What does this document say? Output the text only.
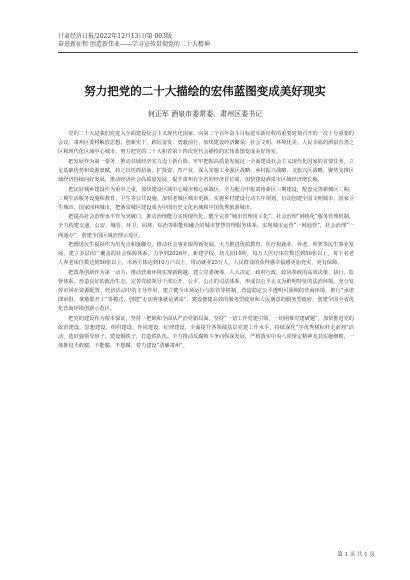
甘肃经济日报/2022年12月13日/第 003版
奋进新征程 创造新伟业——学习宣传贯彻党的二十大精神
努力把党的二十大描绘的宏伟蓝图变成美好现实
何正军 酒泉市委常委、肃州区委书记

党的二十大是我们党进入全面建设社会主义现代化国家、向第二个百年奋斗目标进军新征程的重要时刻召开的一次十分重要的会议。肃州区委将解放思想、创新实干，踔厉奋发、勇毅前行，加快建设经济繁荣、社会文明、环境优美、人民幸福的酒泉首善之区和现代化区域中心城市，努力把党的二十大和省第十四次党代会描绘的宏伟蓝图变成美好现实。

把发展作为第一要务，推动县域经济实力迈上新台阶。牢牢把握高质量发展这一全面建设社会主义现代化国家的首要任务，立足基础优势和资源禀赋，持之以恒抓招商、扩投资、育产业，深入实施工业强区战略、乡村振兴战略、文旅兴区战略，聚势支撑区域经济持续向好发展，推动经济社会高质量发展，提升肃州在全省的经济首位度，加快建设酒泉市区域经济增长极。

把民好城乡建设作为重中之重，加快建设区域中心城市核心承载区。全力配合申报肃州新区三期建设，配套完善新城区二期、三期生活服务设施和教育、卫生等公共设施，加快老城区城市更新，实施乡村建设行动五年规划，启动创建全国文明城市、国家卫生城市、国家园林城市，把酒泉城区建设成为中国历史文化名城和中国优秀旅游城市。

把提高社会治理水平作为突破口，推动治理能力实现现代化。健全完善“城市管理用工化”、社会治理“网格化”服务管理机制，全力构建交通、公安、城管、环卫、园林、综治等职能相融合的城市智慧管理服务体系，实现城市运营“一网通管”，社会治理“一网通办”，创建全国区域治理示范区。

把增进民生福祉作为出发点和落脚点，推动社会事业取得新发展。大力推进优质教育、医疗和就业、养老、殡葬等民生事业发展，建立多层次广覆盖的社会保障体系。力争到2026年，新建学校、幼儿园10所，每万人医疗床位数达到50张以上，每千名老人养老床位数达到50张以上，市场主体达到10万户以上，带动就业25万人，人民群众的获得感幸福感更加充实、更有保障。

把改革创新作为第一动力，推动营商环境实现新跨越。建立党委统筹、人大决定、政府行政、政协参政的高效决策、执行、监督体系，营造良好的政治生态。完善党政领导干部公开、公平、公正的司法体系，形成以公平正义为鲜明特征的法治环境。充分发挥市场在资源配置、经济活动中的主导作用，建立健全市场运行与监管等机制，营造稳定公平透明可预期的营商环境，推行“承诺即审批、拿地即开工”等模式，创建“无证明事就是酒泉”，建设便捷高效的服务型政府和人民满意的服务型政府，创建全国全省优化营商环境创新示范区。

把党的建设作为根本保证，坚持一把锁和全面从严治党新局面。坚持“一切工作党建引领，一切困难党建破题”，加快推进党的政治建设、思想建设、组织建设、作风建设、纪律建设，全面提升各领域基层党建工作水平，持续深化“学优秀树标杆走前列”活动，选好强领导班子，建设铜铁子，打造铁队伍。全力推动反腐败斗争向纵深发展，严格落实中央八项规定精神及其实施细则，一体推进不敢腐、不能腐、不想腐，着力建设“清廉肃州”。

第 1 页 共 1 页
